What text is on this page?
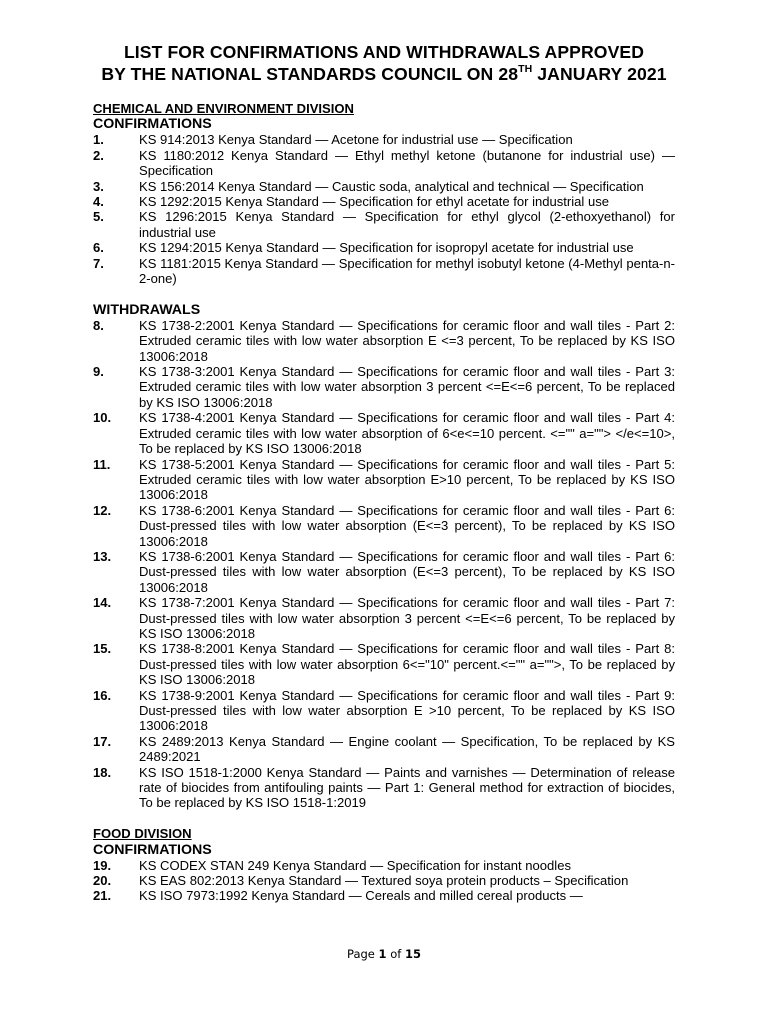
LIST FOR CONFIRMATIONS AND WITHDRAWALS APPROVED
BY THE NATIONAL STANDARDS COUNCIL ON 28TH JANUARY 2021
CHEMICAL AND ENVIRONMENT DIVISION
CONFIRMATIONS
1.	KS 914:2013 Kenya Standard — Acetone for industrial use — Specification
2.	KS 1180:2012 Kenya Standard — Ethyl methyl ketone (butanone for industrial use) — Specification
3.	KS 156:2014 Kenya Standard — Caustic soda, analytical and technical — Specification
4.	KS 1292:2015 Kenya Standard — Specification for ethyl acetate for industrial use
5.	KS 1296:2015 Kenya Standard — Specification for ethyl glycol (2-ethoxyethanol) for industrial use
6.	KS 1294:2015 Kenya Standard — Specification for isopropyl acetate for industrial use
7.	KS 1181:2015 Kenya Standard — Specification for methyl isobutyl ketone (4-Methyl penta-n-2-one)
WITHDRAWALS
8.	KS 1738-2:2001 Kenya Standard — Specifications for ceramic floor and wall tiles - Part 2: Extruded ceramic tiles with low water absorption E <=3 percent, To be replaced by KS ISO 13006:2018
9.	KS 1738-3:2001 Kenya Standard — Specifications for ceramic floor and wall tiles - Part 3: Extruded ceramic tiles with low water absorption 3 percent <=E<=6 percent, To be replaced by KS ISO 13006:2018
10.	KS 1738-4:2001 Kenya Standard — Specifications for ceramic floor and wall tiles - Part 4: Extruded ceramic tiles with low water absorption of 6<e<=10 percent. <="" a=""> </e<=10>, To be replaced by KS ISO 13006:2018
11.	KS 1738-5:2001 Kenya Standard — Specifications for ceramic floor and wall tiles - Part 5: Extruded ceramic tiles with low water absorption E>10 percent, To be replaced by KS ISO 13006:2018
12.	KS 1738-6:2001 Kenya Standard — Specifications for ceramic floor and wall tiles - Part 6: Dust-pressed tiles with low water absorption (E<=3 percent), To be replaced by KS ISO 13006:2018
13.	KS 1738-6:2001 Kenya Standard — Specifications for ceramic floor and wall tiles - Part 6: Dust-pressed tiles with low water absorption (E<=3 percent), To be replaced by KS ISO 13006:2018
14.	KS 1738-7:2001 Kenya Standard — Specifications for ceramic floor and wall tiles - Part 7: Dust-pressed tiles with low water absorption 3 percent <=E<=6 percent, To be replaced by KS ISO 13006:2018
15.	KS 1738-8:2001 Kenya Standard — Specifications for ceramic floor and wall tiles - Part 8: Dust-pressed tiles with low water absorption 6<="10" percent.<="" a="">, To be replaced by KS ISO 13006:2018
16.	KS 1738-9:2001 Kenya Standard — Specifications for ceramic floor and wall tiles - Part 9: Dust-pressed tiles with low water absorption E >10 percent, To be replaced by KS ISO 13006:2018
17.	KS 2489:2013 Kenya Standard — Engine coolant — Specification, To be replaced by KS 2489:2021
18.	KS ISO 1518-1:2000 Kenya Standard — Paints and varnishes — Determination of release rate of biocides from antifouling paints — Part 1: General method for extraction of biocides, To be replaced by KS ISO 1518-1:2019
FOOD DIVISION
CONFIRMATIONS
19.	KS CODEX STAN 249 Kenya Standard — Specification for instant noodles
20.	KS EAS 802:2013 Kenya Standard — Textured soya protein products – Specification
21.	KS ISO 7973:1992 Kenya Standard — Cereals and milled cereal products —
Page 1 of 15
